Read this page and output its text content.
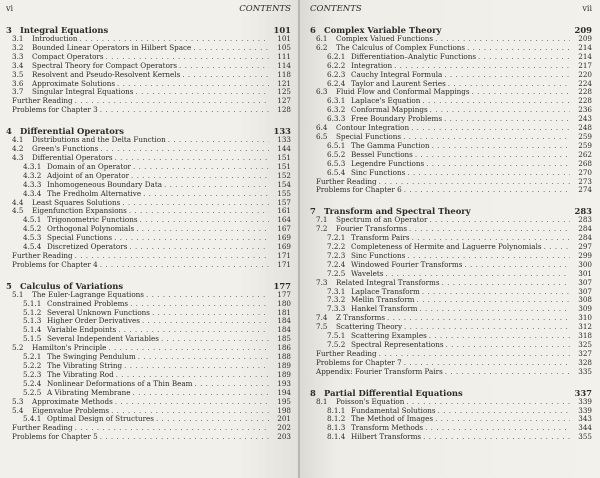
vi	CONTENTS
3 Integral Equations	101
3.1	Introduction . . .	101
3.2	Bounded Linear Operators in Hilbert Space . . .	105
3.3	Compact Operators . . .	111
3.4	Spectral Theory for Compact Operators . . .	114
3.5	Resolvent and Pseudo-Resolvent Kernels . . .	118
3.6	Approximate Solutions . . .	121
3.7	Singular Integral Equations . . .	125
Further Reading . . .	127
Problems for Chapter 3 . . .	128
4 Differential Operators	133
4.1	Distributions and the Delta Function . . .	133
4.2	Green's Functions . . .	144
4.3	Differential Operators . . .	151
4.3.1 Domain of an Operator . . .	151
4.3.2 Adjoint of an Operator . . .	152
4.3.3 Inhomogeneous Boundary Data . . .	154
4.3.4 The Fredholm Alternative . . .	155
4.4	Least Squares Solutions . . .	157
4.5	Eigenfunction Expansions . . .	161
4.5.1 Trigonometric Functions . . .	164
4.5.2 Orthogonal Polynomials . . .	167
4.5.3 Special Functions . . .	169
4.5.4 Discretized Operators . . .	169
Further Reading . . .	171
Problems for Chapter 4 . . .	171
5 Calculus of Variations	177
5.1	The Euler-Lagrange Equations . . .	177
5.1.1 Constrained Problems . . .	180
5.1.2 Several Unknown Functions . . .	181
5.1.3 Higher Order Derivatives . . .	184
5.1.4 Variable Endpoints . . .	184
5.1.5 Several Independent Variables . . .	185
5.2	Hamilton's Principle . . .	186
5.2.1 The Swinging Pendulum . . .	188
5.2.2 The Vibrating String . . .	189
5.2.3 The Vibrating Rod . . .	189
5.2.4 Nonlinear Deformations of a Thin Beam . . .	193
5.2.5 A Vibrating Membrane . . .	194
5.3	Approximate Methods . . .	195
5.4	Eigenvalue Problems . . .	198
5.4.1 Optimal Design of Structures . . .	201
Further Reading . . .	202
Problems for Chapter 5 . . .	203
CONTENTS	vii
6 Complex Variable Theory	209
6.1	Complex Valued Functions . . .	209
6.2	The Calculus of Complex Functions . . .	214
6.2.1 Differentiation–Analytic Functions . . .	214
6.2.2 Integration . . .	217
6.2.3 Cauchy Integral Formula . . .	220
6.2.4 Taylor and Laurent Series . . .	224
6.3	Fluid Flow and Conformal Mappings . . .	228
6.3.1 Laplace's Equation . . .	228
6.3.2 Conformal Mappings . . .	236
6.3.3 Free Boundary Problems . . .	243
6.4	Contour Integration . . .	248
6.5	Special Functions . . .	259
6.5.1 The Gamma Function . . .	259
6.5.2 Bessel Functions . . .	262
6.5.3 Legendre Functions . . .	268
6.5.4 Sinc Functions . . .	270
Further Reading . . .	273
Problems for Chapter 6 . . .	274
7 Transform and Spectral Theory	283
7.1	Spectrum of an Operator . . .	283
7.2	Fourier Transforms . . .	284
7.2.1 Transform Pairs . . .	284
7.2.2 Completeness of Hermite and Laguerre Polynomials . . .	297
7.2.3 Sinc Functions . . .	299
7.2.4 Windowed Fourier Transforms . . .	300
7.2.5 Wavelets . . .	301
7.3	Related Integral Transforms . . .	307
7.3.1 Laplace Transform . . .	307
7.3.2 Mellin Transform . . .	308
7.3.3 Hankel Transform . . .	309
7.4	Z Transforms . . .	310
7.5	Scattering Theory . . .	312
7.5.1 Scattering Examples . . .	318
7.5.2 Spectral Representations . . .	325
Further Reading . . .	327
Problems for Chapter 7 . . .	328
Appendix: Fourier Transform Pairs . . .	335
8 Partial Differential Equations	337
8.1	Poisson's Equation . . .	339
8.1.1 Fundamental Solutions . . .	339
8.1.2 The Method of Images . . .	343
8.1.3 Transform Methods . . .	344
8.1.4 Hilbert Transforms . . .	355
